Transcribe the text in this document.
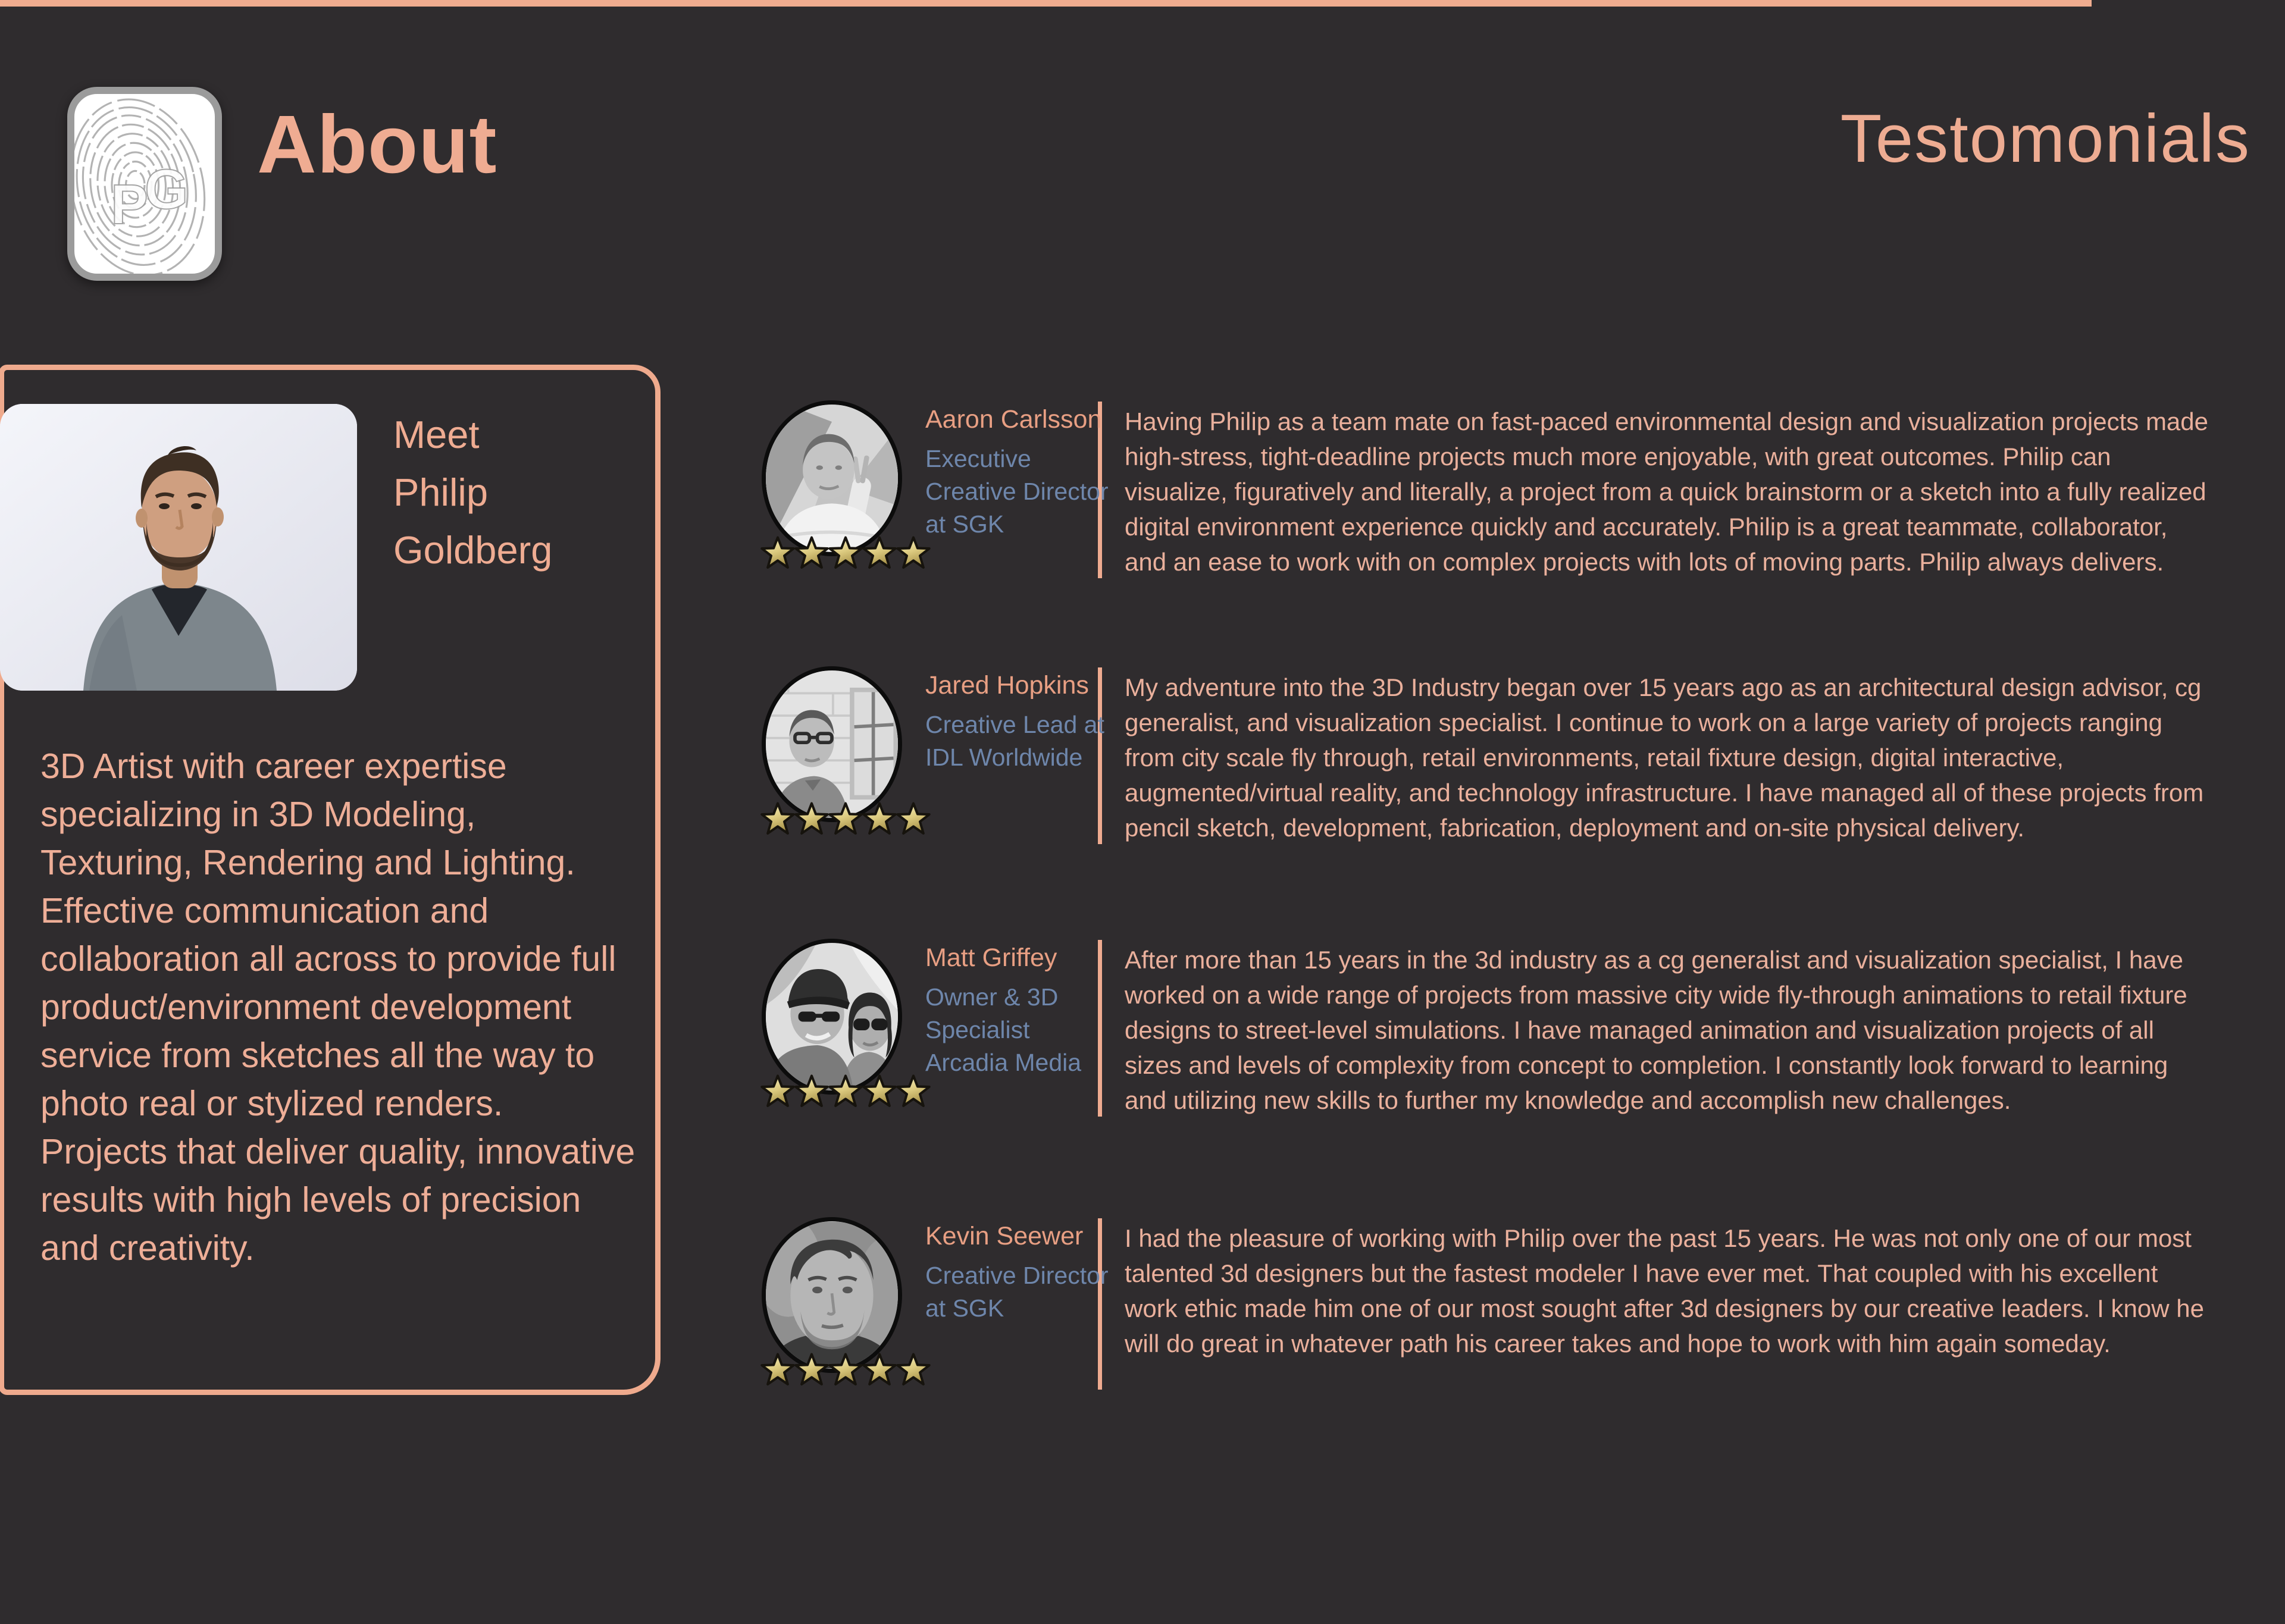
P
G About	Testomonials
Meet
Philip
Goldberg

3D Artist with career expertise specializing in 3D Modeling, Texturing, Rendering and Lighting. Effective communication and collaboration all across to provide full product/environment development service from sketches all the way to photo real or stylized renders. Projects that deliver quality, innovative results with high levels of precision and creativity.

Aaron Carlsson
Executive Creative Director at SGK
Having Philip as a team mate on fast-paced environmental design and visualization projects made high-stress, tight-deadline projects much more enjoyable, with great outcomes. Philip can visualize, figuratively and literally, a project from a quick brainstorm or a sketch into a fully realized digital environment experience quickly and accurately. Philip is a great teammate, collaborator, and an ease to work with on complex projects with lots of moving parts. Philip always delivers.
Jared Hopkins
Creative Lead at IDL Worldwide
My adventure into the 3D Industry began over 15 years ago as an architectural design advisor, cg generalist, and visualization specialist. I continue to work on a large variety of projects ranging from city scale fly through, retail environments, retail fixture design, digital interactive, augmented/virtual reality, and technology infrastructure. I have managed all of these projects from pencil sketch, development, fabrication, deployment and on-site physical delivery.
Matt Griffey
Owner & 3D Specialist Arcadia Media
After more than 15 years in the 3d industry as a cg generalist and visualization specialist, I have worked on a wide range of projects from massive city wide fly-through animations to retail fixture designs to street-level simulations. I have managed animation and visualization projects of all sizes and levels of complexity from concept to completion. I constantly look forward to learning and utilizing new skills to further my knowledge and accomplish new challenges.
Kevin Seewer
Creative Director at SGK
I had the pleasure of working with Philip over the past 15 years. He was not only one of our most talented 3d designers but the fastest modeler I have ever met. That coupled with his excellent work ethic made him one of our most sought after 3d designers by our creative leaders. I know he will do great in whatever path his career takes and hope to work with him again someday.
